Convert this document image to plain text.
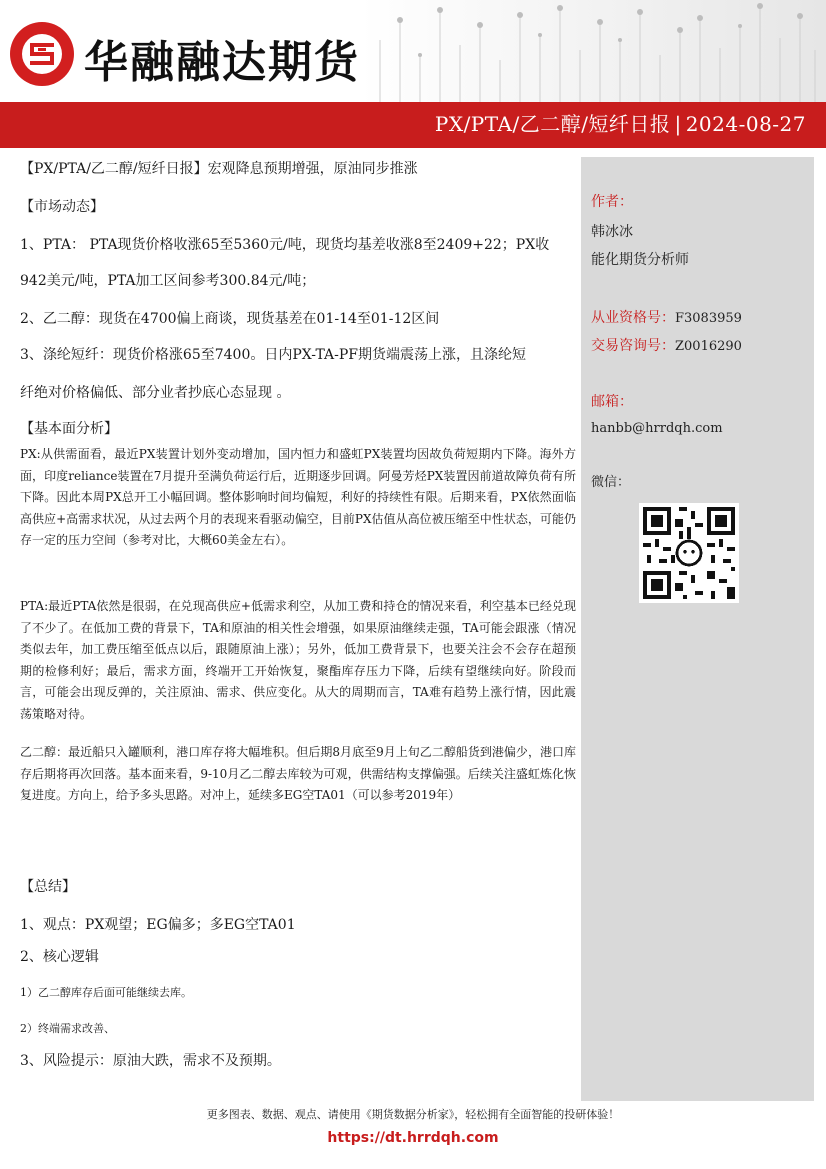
华融融达期货
PX/PTA/乙二醇/短纤日报 | 2024-08-27
【PX/PTA/乙二醇/短纤日报】宏观降息预期增强，原油同步推涨
【市场动态】
1、PTA： PTA现货价格收涨65至5360元/吨，现货均基差收涨8至2409+22；PX收
942美元/吨，PTA加工区间参考300.84元/吨；
2、乙二醇：现货在4700偏上商谈，现货基差在01-14至01-12区间
3、涤纶短纤：现货价格涨65至7400。日内PX-TA-PF期货端震荡上涨，且涤纶短
纤绝对价格偏低、部分业者抄底心态显现 。
【基本面分析】
PX:从供需面看，最近PX装置计划外变动增加，国内恒力和盛虹PX装置均因故负荷短期内下降。海外方面，印度reliance装置在7月提升至满负荷运行后，近期逐步回调。阿曼芳烃PX装置因前道故障负荷有所下降。因此本周PX总开工小幅回调。整体影响时间均偏短，利好的持续性有限。后期来看，PX依然面临高供应+高需求状况，从过去两个月的表现来看驱动偏空，目前PX估值从高位被压缩至中性状态，可能仍存一定的压力空间（参考对比，大概60美金左右）。
PTA:最近PTA依然是很弱，在兑现高供应+低需求利空，从加工费和持仓的情况来看，利空基本已经兑现了不少了。在低加工费的背景下，TA和原油的相关性会增强，如果原油继续走强，TA可能会跟涨（情况类似去年，加工费压缩至低点以后，跟随原油上涨）；另外，低加工费背景下，也要关注会不会存在超预期的检修利好；最后，需求方面，终端开工开始恢复，聚酯库存压力下降，后续有望继续向好。阶段而言，可能会出现反弹的，关注原油、需求、供应变化。从大的周期而言，TA难有趋势上涨行情，因此震荡策略对待。
乙二醇：最近船只入罐顺利，港口库存将大幅堆积。但后期8月底至9月上旬乙二醇船货到港偏少，港口库存后期将再次回落。基本面来看，9-10月乙二醇去库较为可观，供需结构支撑偏强。后续关注盛虹炼化恢复进度。方向上，给予多头思路。对冲上，延续多EG空TA01（可以参考2019年）
【总结】
1、观点：PX观望；EG偏多；多EG空TA01
2、核心逻辑
1）乙二醇库存后面可能继续去库。
2）终端需求改善、
3、风险提示：原油大跌，需求不及预期。
作者：
韩冰冰
能化期货分析师
从业资格号：F3083959
交易咨询号：Z0016290
邮箱：
hanbb@hrrdqh.com
微信：
更多图表、数据、观点、请使用《期货数据分析家》，轻松拥有全面智能的投研体验！
https://dt.hrrdqh.com
